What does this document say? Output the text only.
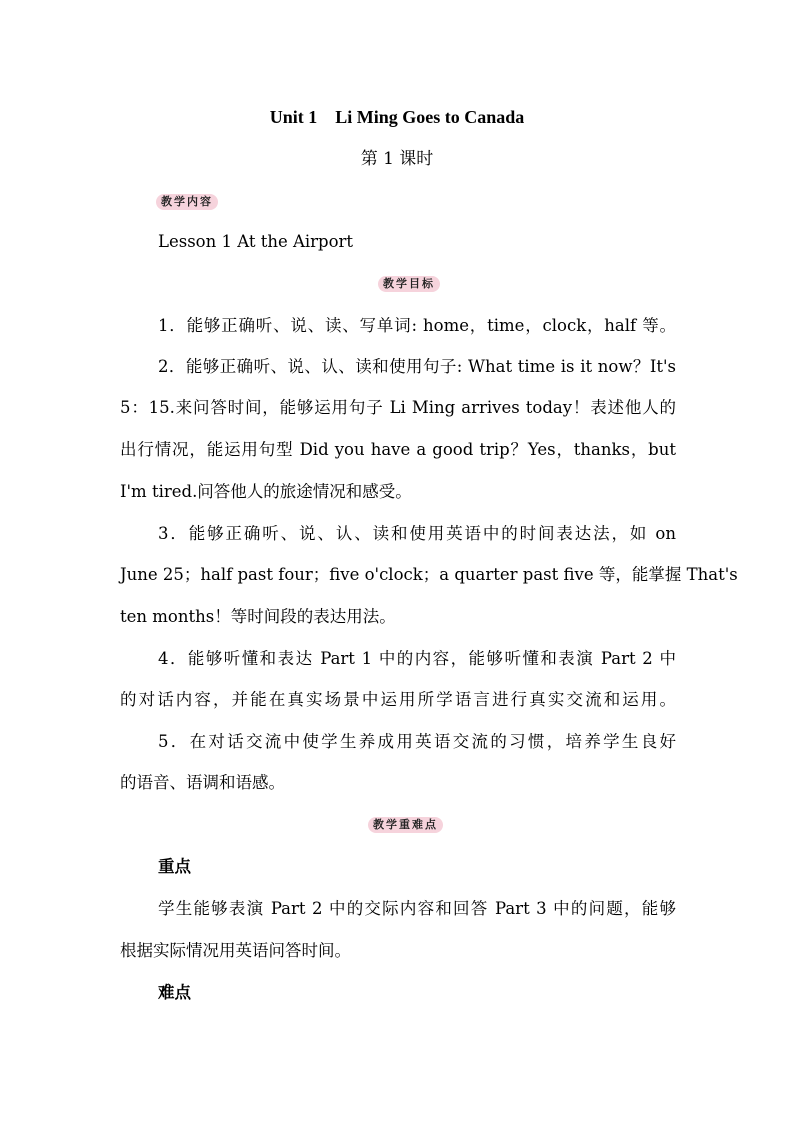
Unit 1    Li Ming Goes to Canada
第 1 课时
教学内容
Lesson 1 At the Airport
教学目标
1．能够正确听、说、读、写单词: home，time，clock，half 等。
2．能够正确听、说、认、读和使用句子: What time is it now？It's
5：15.来问答时间，能够运用句子 Li Ming arrives today！表述他人的
出行情况，能运用句型 Did you have a good trip？Yes，thanks，but
I'm tired.问答他人的旅途情况和感受。
3．能够正确听、说、认、读和使用英语中的时间表达法，如 on
June 25；half past four；five o'clock；a quarter past five 等，能掌握 That's
ten months！等时间段的表达用法。
4．能够听懂和表达 Part 1 中的内容，能够听懂和表演 Part 2 中
的对话内容，并能在真实场景中运用所学语言进行真实交流和运用。
5．在对话交流中使学生养成用英语交流的习惯，培养学生良好
的语音、语调和语感。
教学重难点
重点
学生能够表演 Part 2 中的交际内容和回答 Part 3 中的问题，能够
根据实际情况用英语问答时间。
难点
